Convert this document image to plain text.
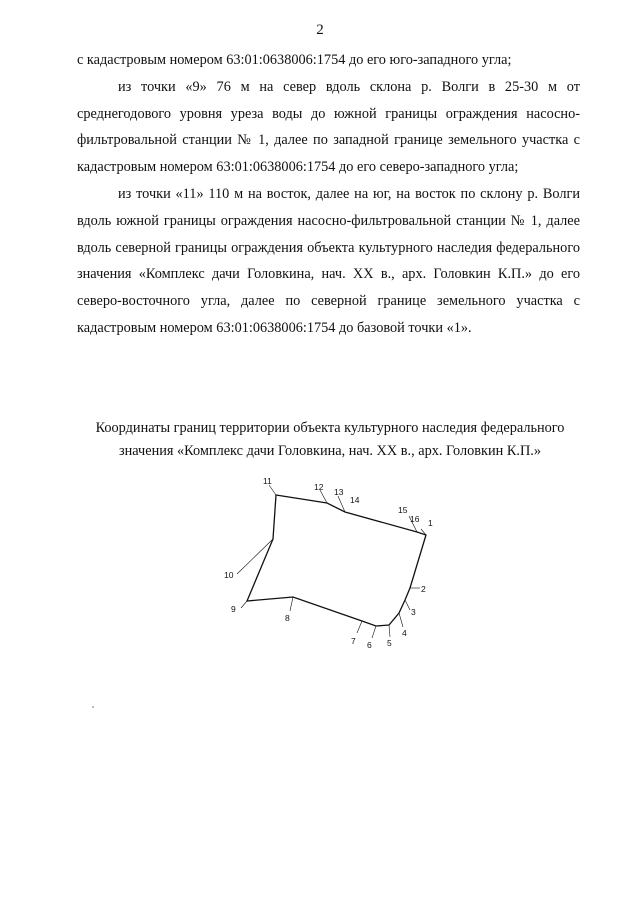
2

с кадастровым номером 63:01:0638006:1754 до его юго-западного угла;

из точки «9» 76 м на север вдоль склона р. Волги в 25-30 м от среднегодового уровня уреза воды до южной границы ограждения насосно-фильтровальной станции № 1, далее по западной границе земельного участка с кадастровым номером 63:01:0638006:1754 до его северо-западного угла;

из точки «11» 110 м на восток, далее на юг, на восток по склону р. Волги вдоль южной границы ограждения насосно-фильтровальной станции № 1, далее вдоль северной границы ограждения объекта культурного наследия федерального значения «Комплекс дачи Головкина, нач. XX в., арх. Головкин К.П.» до его северо-восточного угла, далее по северной границе земельного участка с кадастровым номером 63:01:0638006:1754 до базовой точки «1».

Координаты границ территории объекта культурного наследия федерального
значения «Комплекс дачи Головкина, нач. XX в., арх. Головкин К.П.»
1
2
3
4
5
6
7
8
9
10
11
12 13
14
15
16
